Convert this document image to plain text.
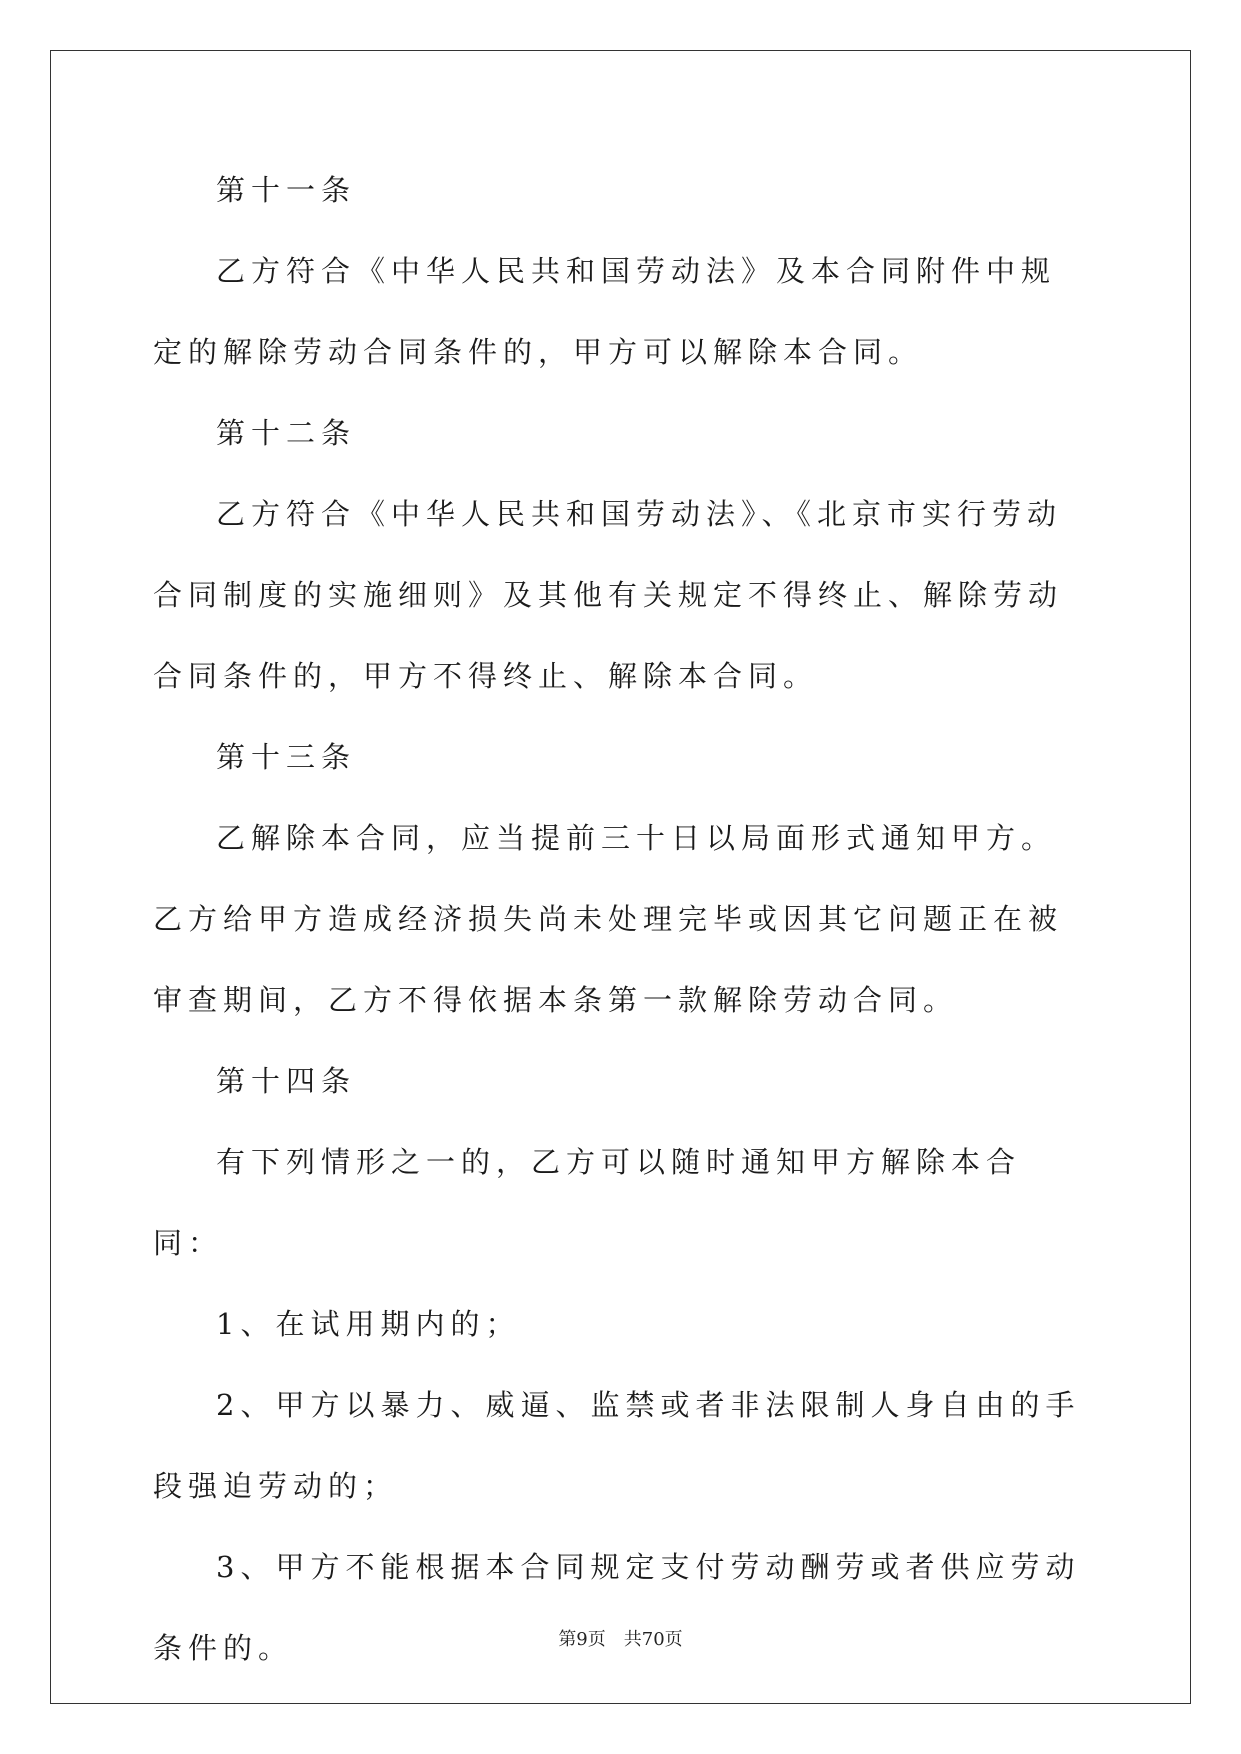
第十一条

乙方符合《中华人民共和国劳动法》及本合同附件中规定的解除劳动合同条件的，甲方可以解除本合同。

第十二条

乙方符合《中华人民共和国劳动法》、《北京市实行劳动合同制度的实施细则》及其他有关规定不得终止、解除劳动合同条件的，甲方不得终止、解除本合同。

第十三条

乙解除本合同，应当提前三十日以局面形式通知甲方。乙方给甲方造成经济损失尚未处理完毕或因其它问题正在被审查期间，乙方不得依据本条第一款解除劳动合同。

第十四条

有下列情形之一的，乙方可以随时通知甲方解除本合同：

1、在试用期内的；

2、甲方以暴力、威逼、监禁或者非法限制人身自由的手段强迫劳动的；

3、甲方不能根据本合同规定支付劳动酬劳或者供应劳动条件的。	第9页 共70页
